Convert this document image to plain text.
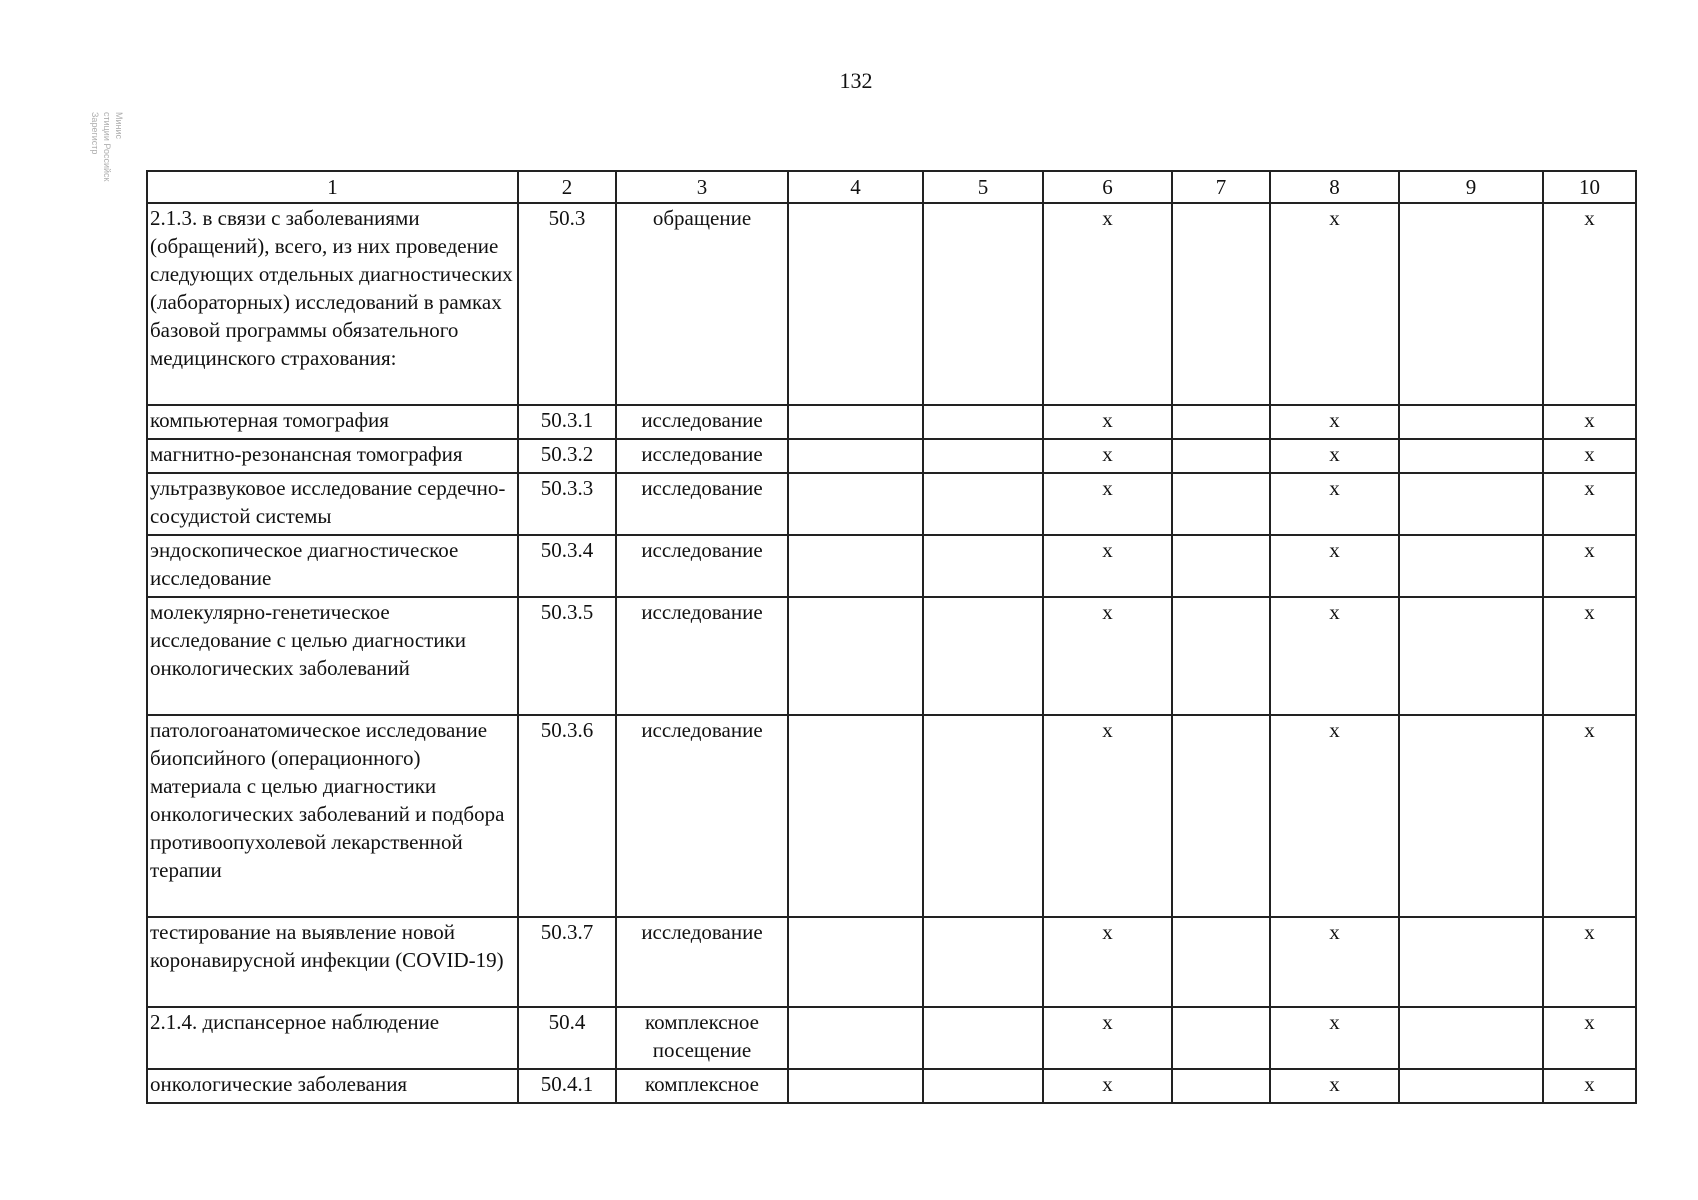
132
Минис
стиции Российск
Зарегистр
1	2	3	4	5	6	7	8	9	10
2.1.3. в связи с заболеваниями (обращений), всего, из них проведение следующих отдельных диагностических (лабораторных) исследований в рамках базовой программы обязательного медицинского страхования:	50.3	обращение			x		x		x
компьютерная томография	50.3.1	исследование			x		x		x
магнитно-резонансная томография	50.3.2	исследование			x		x		x
ультразвуковое исследование сердечно-сосудистой системы	50.3.3	исследование			x		x		x
эндоскопическое диагностическое исследование	50.3.4	исследование			x		x		x
молекулярно-генетическое исследование с целью диагностики онкологических заболеваний	50.3.5	исследование			x		x		x
патологоанатомическое исследование биопсийного (операционного) материала с целью диагностики онкологических заболеваний и подбора противоопухолевой лекарственной терапии	50.3.6	исследование			x		x		x
тестирование на выявление новой коронавирусной инфекции (COVID-19)	50.3.7	исследование			x		x		x
2.1.4. диспансерное наблюдение	50.4	комплексное посещение			x		x		x
онкологические заболевания	50.4.1	комплексное			x		x		x
